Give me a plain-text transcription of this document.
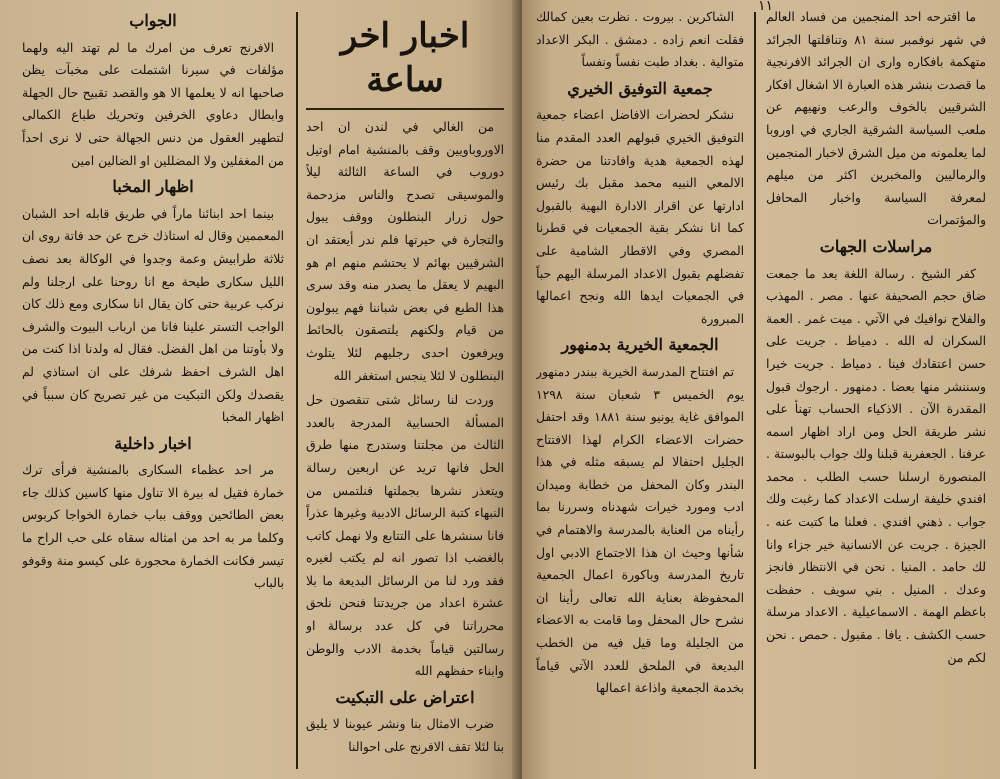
الجواب

الافرنج تعرف من امرك ما لم تهتد اليه ولهما مؤلفات في سيرنا اشتملت على مخبآت يظن صاحبها انه لا يعلمها الا هو والقصد تقبيح حال الجهلة وابطال دعاوي الخرفين وتحريك طباع الكمالى لتطهير العقول من دنس الجهالة حتى لا نرى احداً من المغفلين ولا المضللين او الضالين امين

اظهار المخبا

بينما احد ابنائنا ماراً في طريق قابله احد الشبان المعممين وقال له استاذك خرج عن حد فاتة روى ان ثلاثة طرابيش وعمة وجدوا في الوكالة بعد نصف الليل سكارى طيحة مع انا روحنا على ارجلنا ولم نركب عربية حتى كان يقال انا سكارى ومع ذلك كان الواجب التستر علينا فانا من ارباب البيوت والشرف ولا بأوتنا من اهل الفضل. فقال له ولدنا اذا كنت من اهل الشرف احفظ شرفك على ان استاذي لم يقصدك ولكن التبكيت من غير تصريح كان سبباً في اظهار المخبا

اخبار داخلية

مر احد عظماء السكارى بالمنشية فرأى ترك خمارة فقيل له بيرة الا تناول منها كاسين كذلك جاء بعض الطائحين ووقف بباب خمارة الخواجا كربوس وكلما مر به احد من امثاله سقاه على حب الراح ما تيسر فكانت الخمارة محجورة على كيسو منة وقوفو بالباب

اخبار اخر ساعة

من الغالي في لندن ان احد الاوروباويين وقف بالمنشية امام اوتيل دوروب في الساعة الثالثة ليلاً والموسيقى تصدح والناس مزدحمة حول زرار البنطلون ووقف يبول والتجارة في حيرتها فلم ندر أيعتقد ان الشرقيين بهائم لا يحتشم منهم ام هو البهيم لا يعقل ما يصدر منه وقد سرى هذا الطبع في بعض شباننا فهم يبولون من قيام ولكنهم يلتصقون بالحائط ويرفعون احدى رجليهم لئلا يتلوث البنطلون لا لئلا ينجس استغفر الله

وردت لنا رسائل شتى تنقصون حل المسألة الحسابية المدرجة بالعدد الثالث من مجلتنا وستدرج منها طرق الحل فانها تريد عن اربعين رسالة ويتعذر نشرها بجملتها فنلتمس من النبهاء كتبة الرسائل الادبية وغيرها عذراً فانا سنشرها على التتابع ولا نهمل كاتب بالغضب اذا تصور انه لم يكتب لغيره فقد ورد لنا من الرسائل البديعة ما بلا عشرة اعداد من جريدتنا فنحن نلحق محرراتنا في كل عدد برسالة او رسالتين قياماً بخدمة الادب والوطن وابناء حفظهم الله

اعتراض على التبكيت

ضرب الامثال بنا ونشر عيوبنا لا يليق بنا لئلا تقف الافرنج على احوالنا

١١

الشاكرين . بيروت . نظرت بعين كمالك فقلت انعم زاده . دمشق . البكر الاعداد متوالية . بغداد طبت نفساً ونفساً

جمعية التوفيق الخيري

نشكر لحضرات الافاضل اعضاء جمعية التوفيق الخيري قبولهم العدد المقدم منا لهذه الجمعية هدية وافادتنا من حضرة الالمعي النبيه محمد مقبل بك رئيس ادارتها عن اقرار الادارة البهية بالقبول كما انا نشكر بقية الجمعيات في قطرنا المصري وفي الاقطار الشامية على تفضلهم بقبول الاعداد المرسلة اليهم حباً في الجمعيات ايدها الله ونجح اعمالها المبرورة

الجمعية الخيرية بدمنهور

تم افتتاح المدرسة الخيرية ببندر دمنهور يوم الخميس ٣ شعبان سنة ١٢٩٨ الموافق غاية يونيو سنة ١٨٨١ وقد احتفل حضرات الاعضاء الكرام لهذا الافتتاح الجليل احتفالا لم يسبقه مثله في هذا البندر وكان المحفل من خطابة وميدان ادب ومورد خيرات شهدناه وسررنا بما رأيناه من العناية بالمدرسة والاهتمام في شأنها وحيث ان هذا الاجتماع الادبي اول تاريخ المدرسة وباكورة اعمال الجمعية المحفوظة بعناية الله تعالى رأينا ان نشرح حال المحفل وما قامت به الاعضاء من الجليلة وما قيل فيه من الخطب البديعة في الملحق للعدد الآتي قياماً بخدمة الجمعية واذاعة اعمالها

ما اقترحه احد المنجمين من فساد العالم في شهر نوفمبر سنة ٨١ وتناقلتها الجرائد متهكمة بافكاره وارى ان الجرائد الافرنجية ما قصدت بنشر هذه العبارة الا اشغال افكار الشرقيين بالخوف والرعب ونهيهم عن ملعب السياسة الشرقية الجاري في اوروبا لما يعلمونه من ميل الشرق لاخبار المنجمين والرماليين والمخبرين اكثر من ميلهم لمعرفة السياسة واخبار المحافل والمؤتمرات

مراسلات الجهات

كفر الشيخ . رسالة اللغة بعد ما جمعت ضاق حجم الصحيفة عنها . مصر . المهذب والفلاح نوافيك في الآتي . ميت غمر . العمة السكران له الله . دمياط . جريت على حسن اعتقادك فينا . دمياط . جريت خيرا وسننشر منها بعضا . دمنهور . ارجوك قبول المقدرة الآن . الاذكياء الحساب تهنأ على نشر طريقة الحل ومن اراد اظهار اسمه عرفنا . الجعفرية قبلنا ولك جواب بالبوستة . المنصورة ارسلنا حسب الطلب . محمد افندي خليفة ارسلت الاعداد كما رغبت ولك جواب . ذهني افندي . فعلنا ما كتبت عنه . الجيزة . جريت عن الانسانية خير جزاء وانا لك حامد . المنيا . نحن في الانتظار فانجز وعدك . المنيل . بني سويف . حفظت باعظم الهمة . الاسماعيلية . الاعداد مرسلة حسب الكشف . يافا . مقبول . حمص . نحن لكم من
